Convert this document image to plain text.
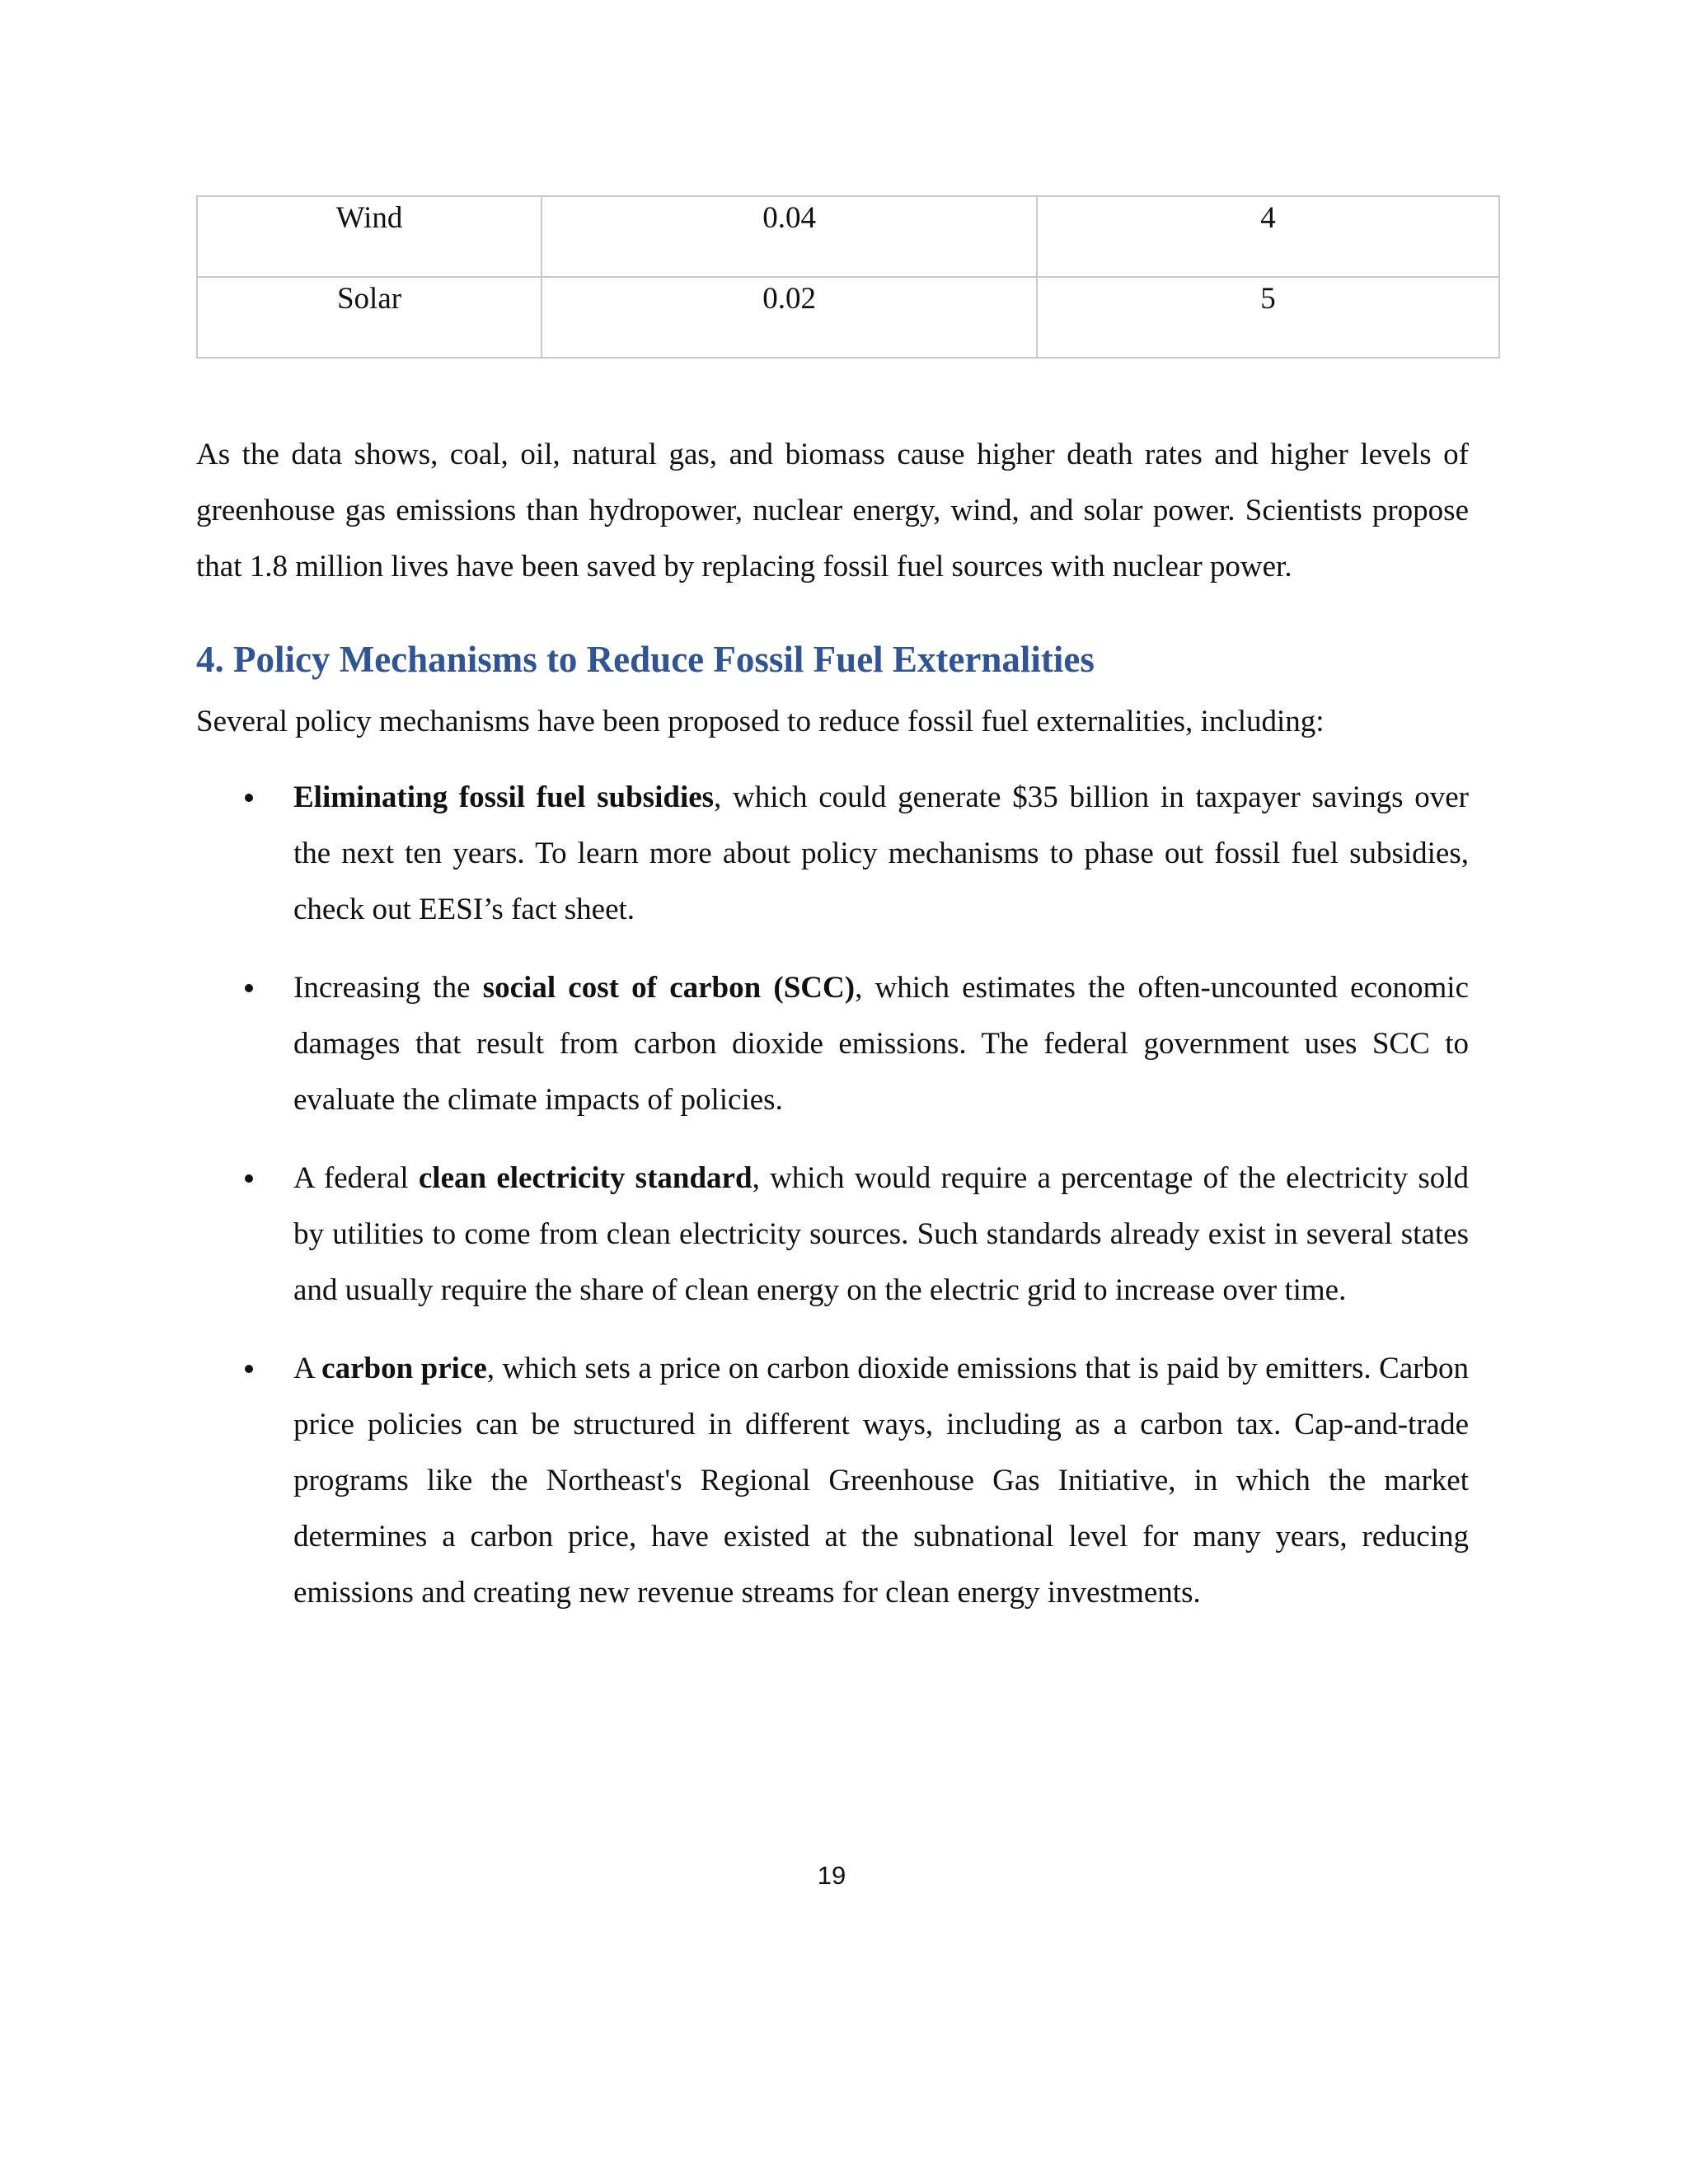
Wind	0.04	4
Solar	0.02	5

As the data shows, coal, oil, natural gas, and biomass cause higher death rates and higher levels of greenhouse gas emissions than hydropower, nuclear energy, wind, and solar power. Scientists propose that 1.8 million lives have been saved by replacing fossil fuel sources with nuclear power.

4. Policy Mechanisms to Reduce Fossil Fuel Externalities

Several policy mechanisms have been proposed to reduce fossil fuel externalities, including:

Eliminating fossil fuel subsidies, which could generate $35 billion in taxpayer savings over the next ten years. To learn more about policy mechanisms to phase out fossil fuel subsidies, check out EESI’s fact sheet.
Increasing the social cost of carbon (SCC), which estimates the often-uncounted economic damages that result from carbon dioxide emissions. The federal government uses SCC to evaluate the climate impacts of policies.
A federal clean electricity standard, which would require a percentage of the electricity sold by utilities to come from clean electricity sources. Such standards already exist in several states and usually require the share of clean energy on the electric grid to increase over time.
A carbon price, which sets a price on carbon dioxide emissions that is paid by emitters. Carbon price policies can be structured in different ways, including as a carbon tax. Cap-and-trade programs like the Northeast's Regional Greenhouse Gas Initiative, in which the market determines a carbon price, have existed at the subnational level for many years, reducing emissions and creating new revenue streams for clean energy investments.
19
